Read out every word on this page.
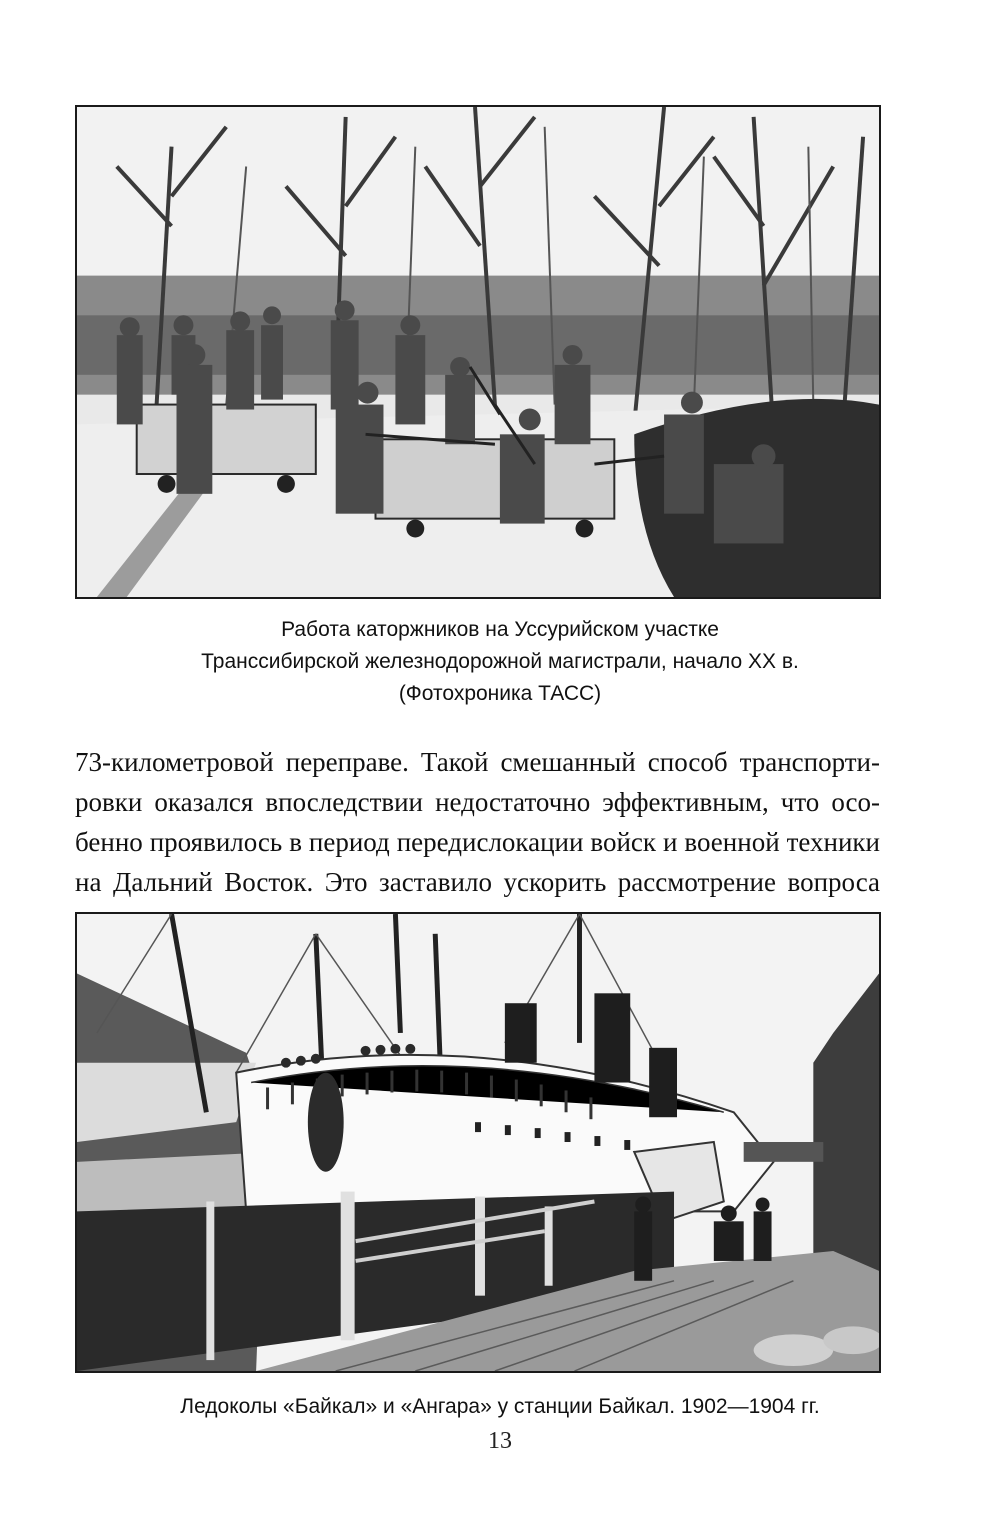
Работа каторжников на Уссурийском участке
Транссибирской железнодорожной магистрали, начало XX в.
(Фотохроника ТАСС)
73-километровой переправе. Такой смешанный способ транспорти-
ровки оказался впоследствии недостаточно эффективным, что осо-
бенно проявилось в период передислокации войск и военной техники
на Дальний Восток. Это заставило ускорить рассмотрение вопроса
Ледоколы «Байкал» и «Ангара» у станции Байкал. 1902—1904 гг.
13
